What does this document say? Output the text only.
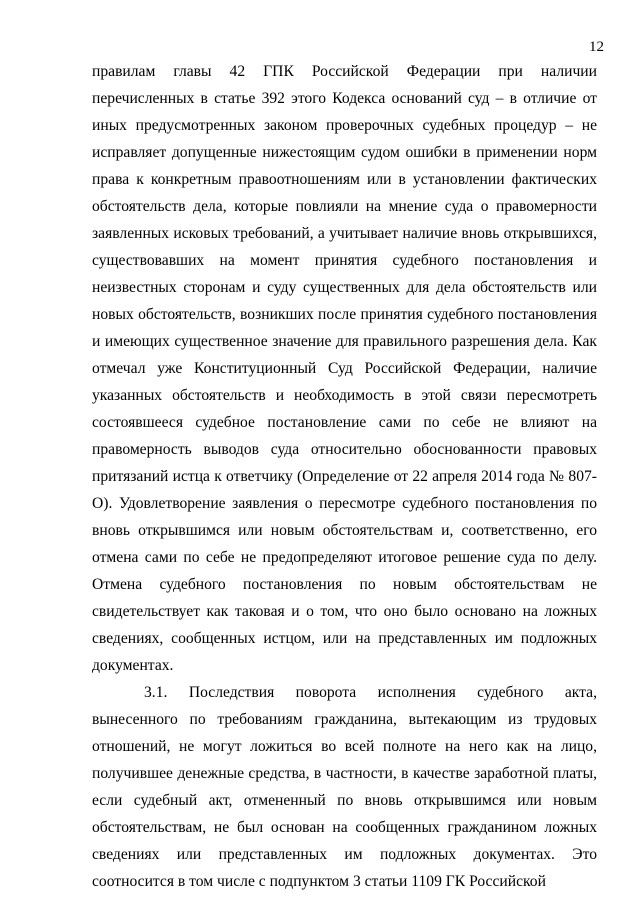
12

правилам главы 42 ГПК Российской Федерации при наличии перечисленных в статье 392 этого Кодекса оснований суд – в отличие от иных предусмотренных законом проверочных судебных процедур – не исправляет допущенные нижестоящим судом ошибки в применении норм права к конкретным правоотношениям или в установлении фактических обстоятельств дела, которые повлияли на мнение суда о правомерности заявленных исковых требований, а учитывает наличие вновь открывшихся, существовавших на момент принятия судебного постановления и неизвестных сторонам и суду существенных для дела обстоятельств или новых обстоятельств, возникших после принятия судебного постановления и имеющих существенное значение для правильного разрешения дела. Как отмечал уже Конституционный Суд Российской Федерации, наличие указанных обстоятельств и необходимость в этой связи пересмотреть состоявшееся судебное постановление сами по себе не влияют на правомерность выводов суда относительно обоснованности правовых притязаний истца к ответчику (Определение от 22 апреля 2014 года № 807-О). Удовлетворение заявления о пересмотре судебного постановления по вновь открывшимся или новым обстоятельствам и, соответственно, его отмена сами по себе не предопределяют итоговое решение суда по делу. Отмена судебного постановления по новым обстоятельствам не свидетельствует как таковая и о том, что оно было основано на ложных сведениях, сообщенных истцом, или на представленных им подложных документах.

3.1. Последствия поворота исполнения судебного акта, вынесенного по требованиям гражданина, вытекающим из трудовых отношений, не могут ложиться во всей полноте на него как на лицо, получившее денежные средства, в частности, в качестве заработной платы, если судебный акт, отмененный по вновь открывшимся или новым обстоятельствам, не был основан на сообщенных гражданином ложных сведениях или представленных им подложных документах. Это соотносится в том числе с подпунктом 3 статьи 1109 ГК Российской
